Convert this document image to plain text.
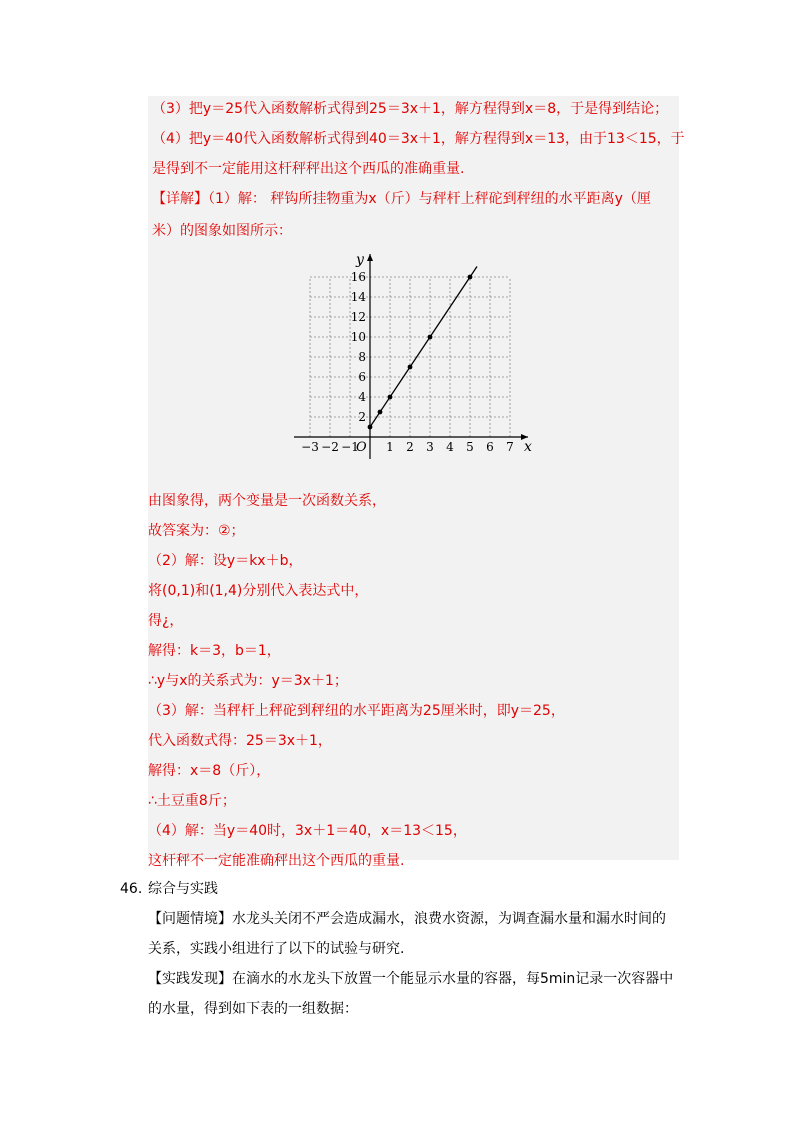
（3）把y＝25代入函数解析式得到25＝3x＋1，解方程得到x＝8，于是得到结论；
（4）把y＝40代入函数解析式得到40＝3x＋1，解方程得到x＝13，由于13＜15，于
是得到不一定能用这杆秤秤出这个西瓜的准确重量.
【详解】（1）解： 秤钩所挂物重为x（斤）与秤杆上秤砣到秤纽的水平距离y（厘
米）的图象如图所示：
x
y
O
−3 −2 −1 1 2 3 4 5 6 7
2
4
6
8
10
12
14
16
由图象得，两个变量是一次函数关系，
故答案为：②；
（2）解：设y＝kx＋b，
将(0,1)和(1,4)分别代入表达式中，
得¿，
解得：k＝3，b＝1，
∴y与x的关系式为：y＝3x＋1；
（3）解：当秤杆上秤砣到秤纽的水平距离为25厘米时，即y＝25，
代入函数式得：25＝3x＋1，
解得：x＝8（斤），
∴土豆重8斤；
（4）解：当y＝40时，3x＋1＝40，x＝13＜15，
这杆秤不一定能准确秤出这个西瓜的重量.
46. 综合与实践
【问题情境】水龙头关闭不严会造成漏水，浪费水资源，为调查漏水量和漏水时间的
关系，实践小组进行了以下的试验与研究.
【实践发现】在滴水的水龙头下放置一个能显示水量的容器，每5min记录一次容器中
的水量，得到如下表的一组数据：
